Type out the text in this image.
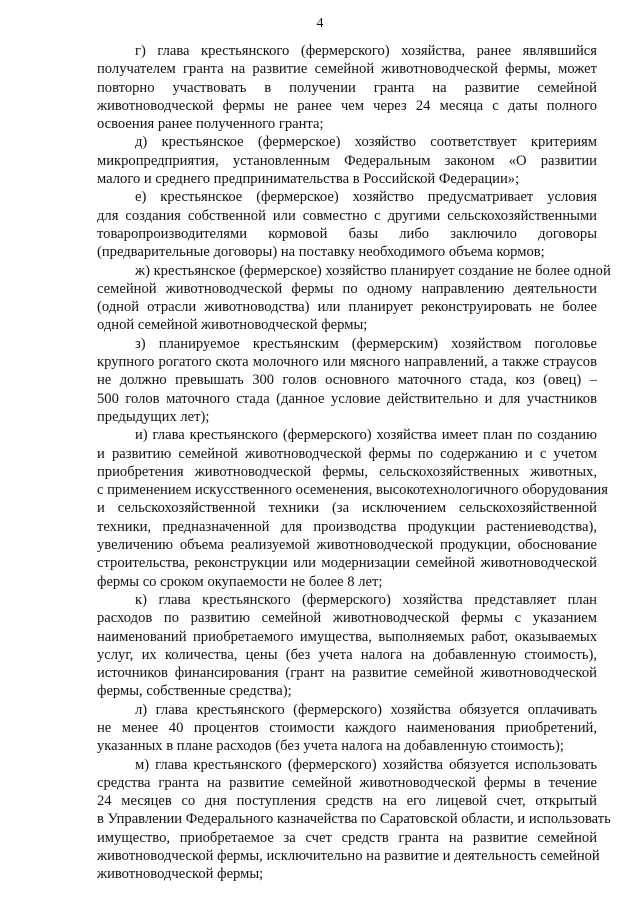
4
г) глава крестьянского (фермерского) хозяйства, ранее являвшийся
получателем гранта на развитие семейной животноводческой фермы, может
повторно участвовать в получении гранта на развитие семейной
животноводческой фермы не ранее чем через 24 месяца с даты полного
освоения ранее полученного гранта;
д) крестьянское (фермерское) хозяйство соответствует критериям
микропредприятия, установленным Федеральным законом «О развитии
малого и среднего предпринимательства в Российской Федерации»;
е) крестьянское (фермерское) хозяйство предусматривает условия
для создания собственной или совместно с другими сельскохозяйственными
товаропроизводителями кормовой базы либо заключило договоры
(предварительные договоры) на поставку необходимого объема кормов;
ж) крестьянское (фермерское) хозяйство планирует создание не более одной
семейной животноводческой фермы по одному направлению деятельности
(одной отрасли животноводства) или планирует реконструировать не более
одной семейной животноводческой фермы;
з) планируемое крестьянским (фермерским) хозяйством поголовье
крупного рогатого скота молочного или мясного направлений, а также страусов
не должно превышать 300 голов основного маточного стада, коз (овец) –
500 голов маточного стада (данное условие действительно и для участников
предыдущих лет);
и) глава крестьянского (фермерского) хозяйства имеет план по созданию
и развитию семейной животноводческой фермы по содержанию и с учетом
приобретения животноводческой фермы, сельскохозяйственных животных,
с применением искусственного осеменения, высокотехнологичного оборудования
и сельскохозяйственной техники (за исключением сельскохозяйственной
техники, предназначенной для производства продукции растениеводства),
увеличению объема реализуемой животноводческой продукции, обоснование
строительства, реконструкции или модернизации семейной животноводческой
фермы со сроком окупаемости не более 8 лет;
к) глава крестьянского (фермерского) хозяйства представляет план
расходов по развитию семейной животноводческой фермы с указанием
наименований приобретаемого имущества, выполняемых работ, оказываемых
услуг, их количества, цены (без учета налога на добавленную стоимость),
источников финансирования (грант на развитие семейной животноводческой
фермы, собственные средства);
л) глава крестьянского (фермерского) хозяйства обязуется оплачивать
не менее 40 процентов стоимости каждого наименования приобретений,
указанных в плане расходов (без учета налога на добавленную стоимость);
м) глава крестьянского (фермерского) хозяйства обязуется использовать
средства гранта на развитие семейной животноводческой фермы в течение
24 месяцев со дня поступления средств на его лицевой счет, открытый
в Управлении Федерального казначейства по Саратовской области, и использовать
имущество, приобретаемое за счет средств гранта на развитие семейной
животноводческой фермы, исключительно на развитие и деятельность семейной
животноводческой фермы;
